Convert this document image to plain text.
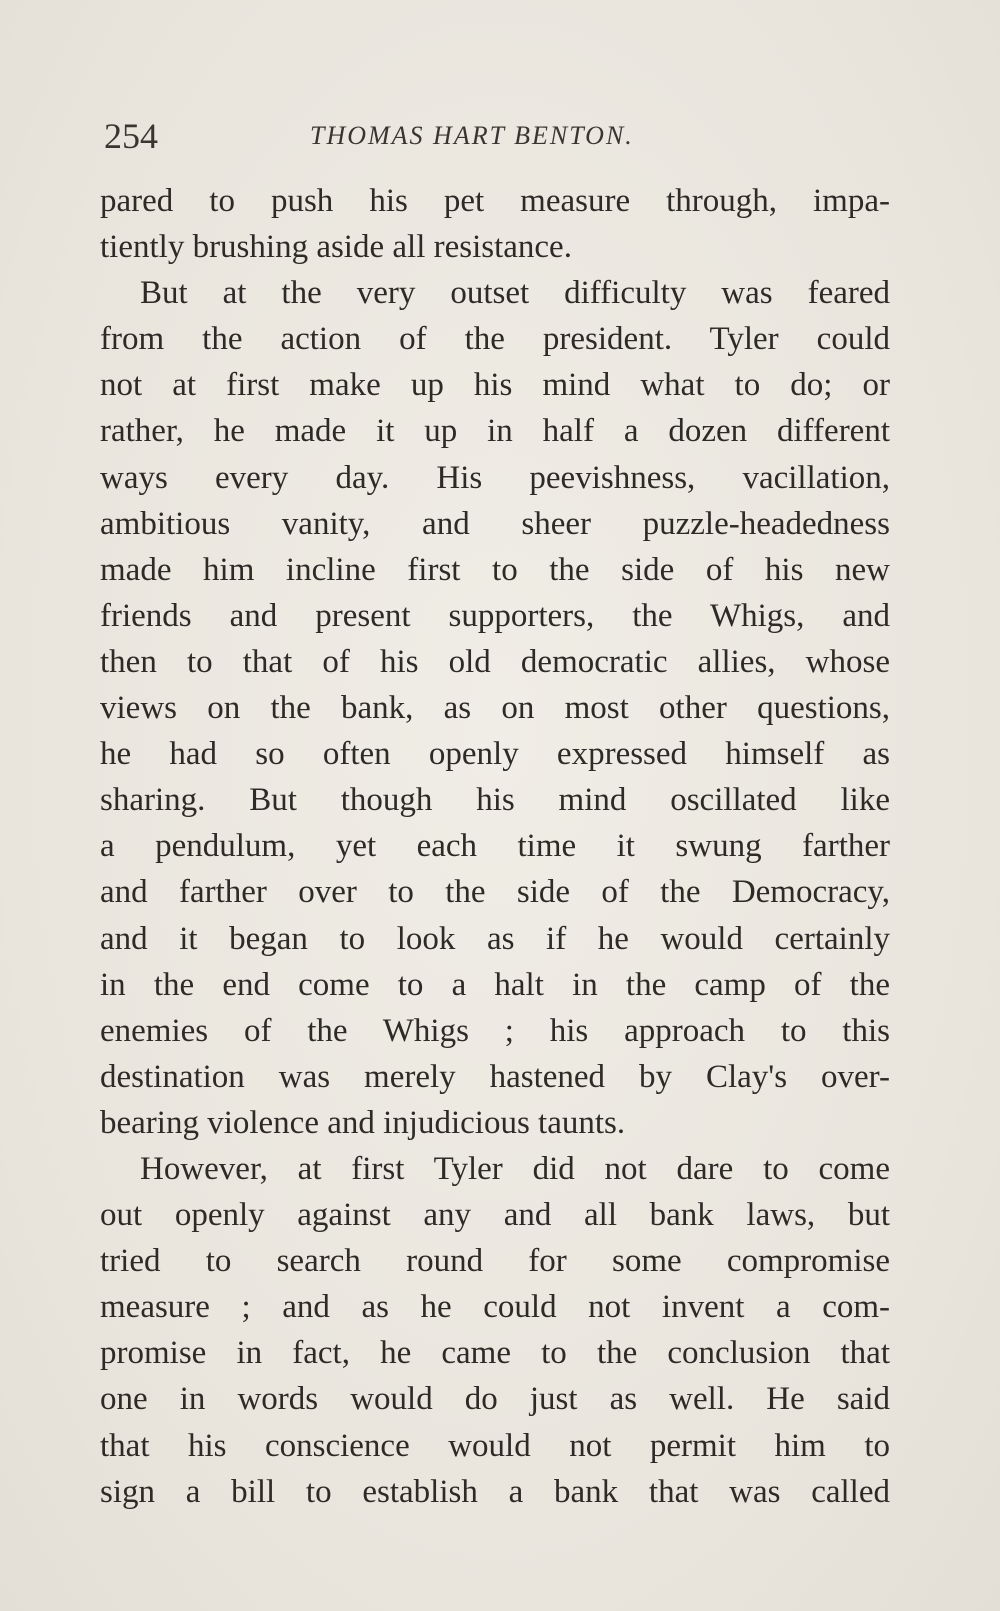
254	THOMAS HART BENTON.
pared to push his pet measure through, impa-
tiently brushing aside all resistance.
But at the very outset difficulty was feared
from the action of the president. Tyler could
not at first make up his mind what to do; or
rather, he made it up in half a dozen different
ways every day. His peevishness, vacillation,
ambitious vanity, and sheer puzzle-headedness
made him incline first to the side of his new
friends and present supporters, the Whigs, and
then to that of his old democratic allies, whose
views on the bank, as on most other questions,
he had so often openly expressed himself as
sharing. But though his mind oscillated like
a pendulum, yet each time it swung farther
and farther over to the side of the Democracy,
and it began to look as if he would certainly
in the end come to a halt in the camp of the
enemies of the Whigs ; his approach to this
destination was merely hastened by Clay's over-
bearing violence and injudicious taunts.
However, at first Tyler did not dare to come
out openly against any and all bank laws, but
tried to search round for some compromise
measure ; and as he could not invent a com-
promise in fact, he came to the conclusion that
one in words would do just as well. He said
that his conscience would not permit him to
sign a bill to establish a bank that was called
